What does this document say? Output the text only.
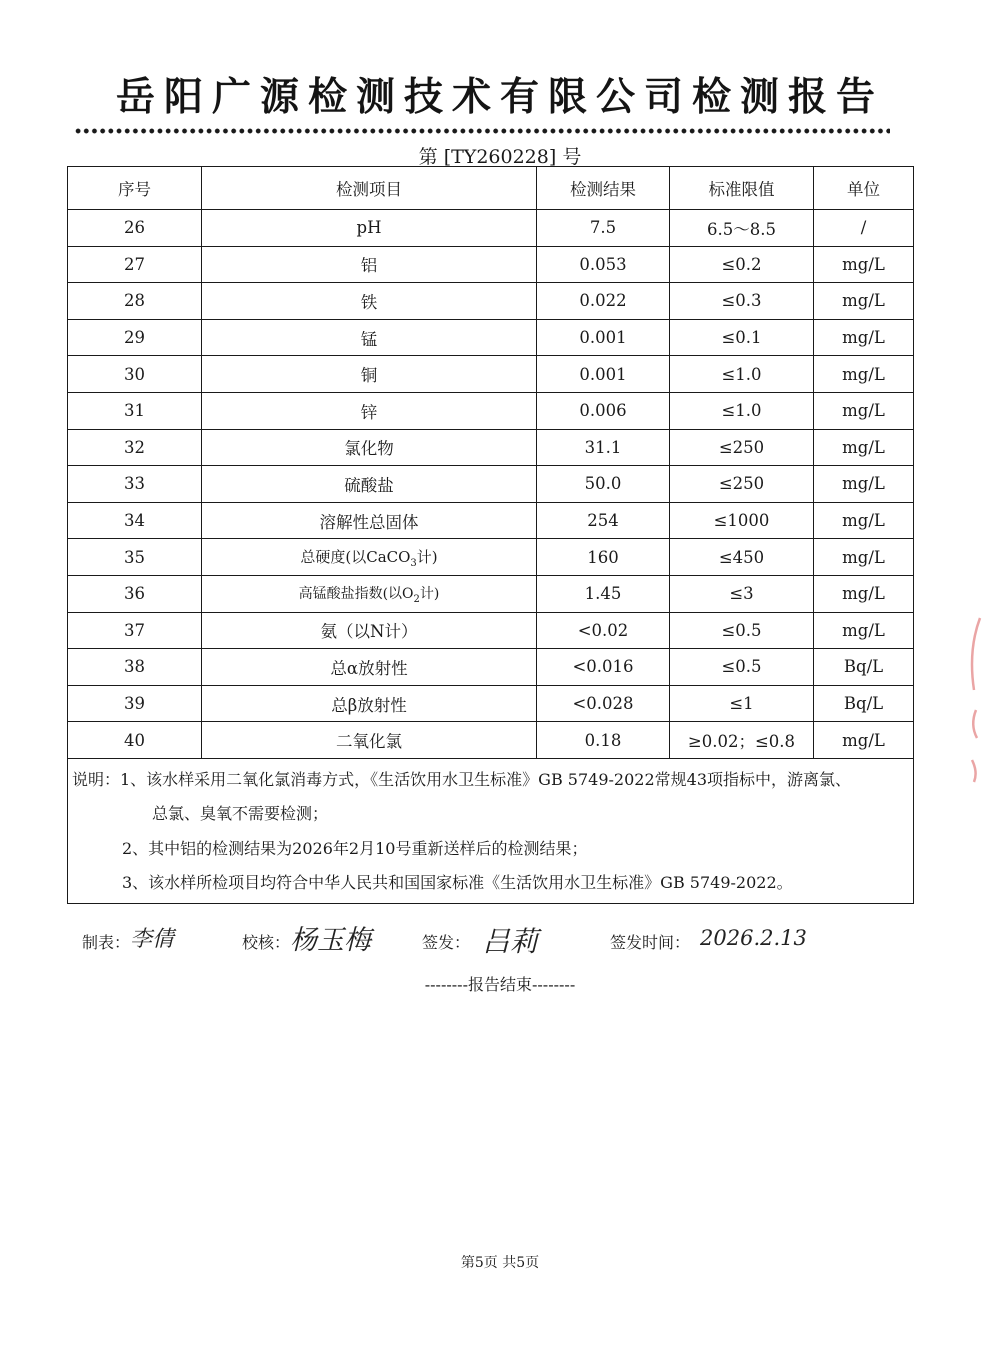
岳阳广源检测技术有限公司检测报告
第 [TY260228] 号
序号	检测项目	检测结果	标准限值	单位
26	pH	7.5	6.5～8.5	/
27	铝	0.053	≤0.2	mg/L
28	铁	0.022	≤0.3	mg/L
29	锰	0.001	≤0.1	mg/L
30	铜	0.001	≤1.0	mg/L
31	锌	0.006	≤1.0	mg/L
32	氯化物	31.1	≤250	mg/L
33	硫酸盐	50.0	≤250	mg/L
34	溶解性总固体	254	≤1000	mg/L
35	总硬度(以CaCO$_3$计)	160	≤450	mg/L
36	高锰酸盐指数(以$O_2$计)	1.45	≤3	mg/L
37	氨（以N计）	<0.02	≤0.5	mg/L
38	总α放射性	<0.016	≤0.5	Bq/L
39	总β放射性	<0.028	≤1	Bq/L
40	二氧化氯	0.18	≥0.02；≤0.8	mg/L

说明：1、该水样采用二氧化氯消毒方式，《生活饮用水卫生标准》GB 5749-2022常规43项指标中，游离氯、
总氯、臭氧不需要检测；
2、其中铝的检测结果为2026年2月10号重新送样后的检测结果；
3、该水样所检项目均符合中华人民共和国国家标准《生活饮用水卫生标准》GB 5749-2022。				
制表： 李倩	校核： 杨玉梅	签发： 吕莉	签发时间： 2026.2.13
--------报告结束--------
第5页 共5页
